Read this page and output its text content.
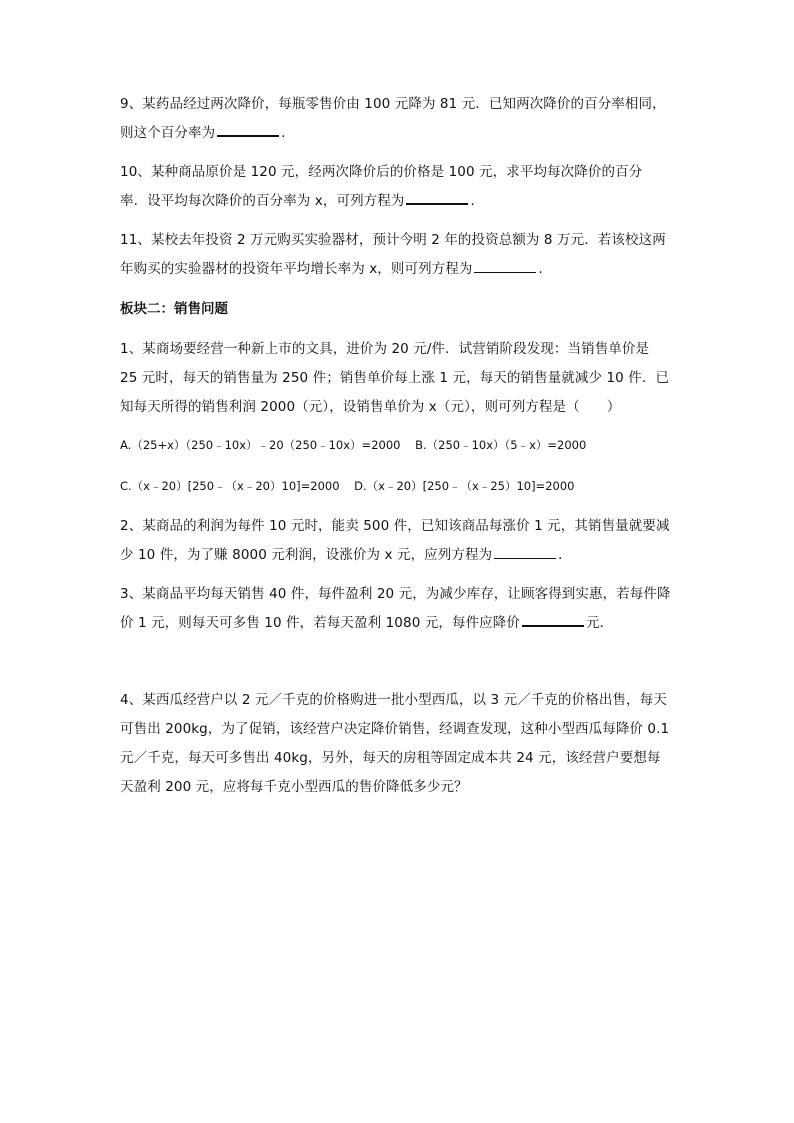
9、某药品经过两次降价，每瓶零售价由 100 元降为 81 元．已知两次降价的百分率相同，
则这个百分率为	．
10、某种商品原价是 120 元，经两次降价后的价格是 100 元，求平均每次降价的百分
率．设平均每次降价的百分率为 x，可列方程为	．
11、某校去年投资 2 万元购买实验器材，预计今明 2 年的投资总额为 8 万元．若该校这两
年购买的实验器材的投资年平均增长率为 x，则可列方程为	．
板块二：销售问题
1、某商场要经营一种新上市的文具，进价为 20 元/件．试营销阶段发现：当销售单价是
25 元时，每天的销售量为 250 件；销售单价每上涨 1 元，每天的销售量就减少 10 件．已
知每天所得的销售利润 2000（元），设销售单价为 x（元），则可列方程是（　　）
A.（25+x）（250﹣10x）﹣20（250﹣10x）=2000 B.（250﹣10x）（5﹣x）=2000
C.（x﹣20）[250﹣（x﹣20）10]=2000 D.（x﹣20）[250﹣（x﹣25）10]=2000
2、某商品的利润为每件 10 元时，能卖 500 件，已知该商品每涨价 1 元，其销售量就要减
少 10 件，为了赚 8000 元利润，设涨价为 x 元，应列方程为	．
3、某商品平均每天销售 40 件，每件盈利 20 元，为减少库存，让顾客得到实惠，若每件降
价 1 元，则每天可多售 10 件，若每天盈利 1080 元，每件应降价	元．
4、某西瓜经营户以 2 元／千克的价格购进一批小型西瓜，以 3 元／千克的价格出售，每天
可售出 200kg，为了促销，该经营户决定降价销售，经调查发现，这种小型西瓜每降价 0.1
元／千克，每天可多售出 40kg，另外，每天的房租等固定成本共 24 元，该经营户要想每
天盈利 200 元，应将每千克小型西瓜的售价降低多少元？
